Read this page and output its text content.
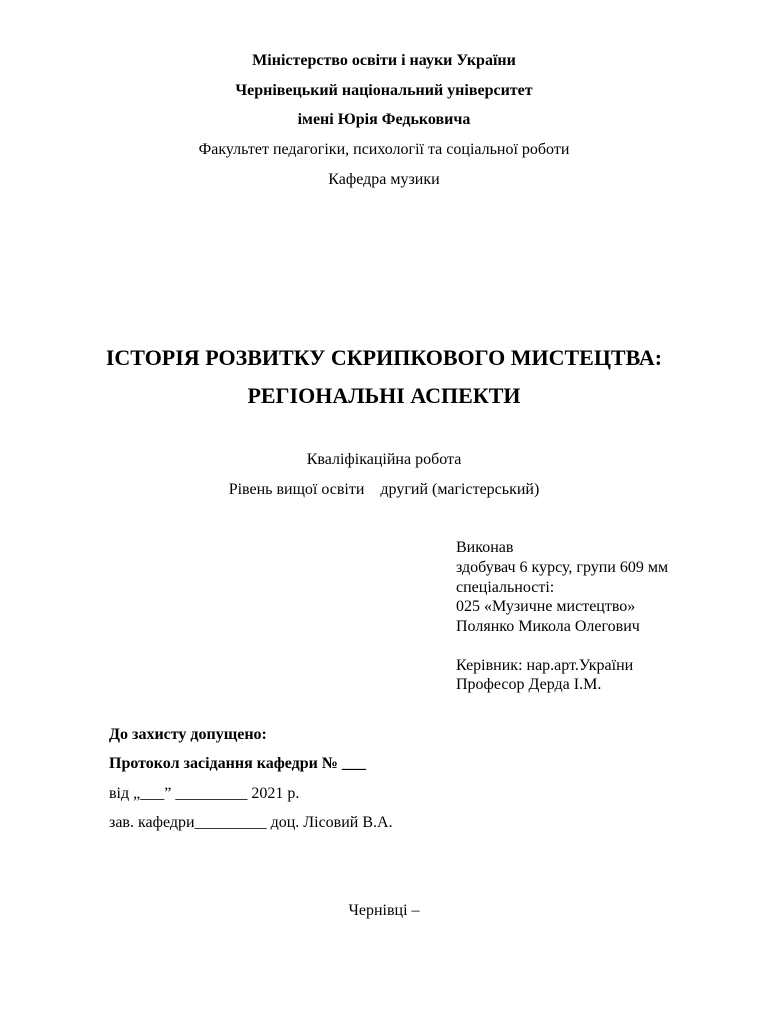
Міністерство освіти і науки України
Чернівецький національний університет
імені Юрія Федьковича
Факультет педагогіки, психології та соціальної роботи
Кафедра музики
ІСТОРІЯ РОЗВИТКУ СКРИПКОВОГО МИСТЕЦТВА:
РЕГІОНАЛЬНІ АСПЕКТИ
Кваліфікаційна робота
Рівень вищої освіти    другий (магістерський)
Виконав
здобувач 6 курсу, групи 609 мм
спеціальності:
025 «Музичне мистецтво»
Полянко Микола Олегович
Керівник: нар.арт.України
Професор Дерда І.М.
До захисту допущено:
Протокол засідання кафедри № ___
від „___” _________ 2021 р.
зав. кафедри_________ доц. Лісовий В.А.
Чернівці –
